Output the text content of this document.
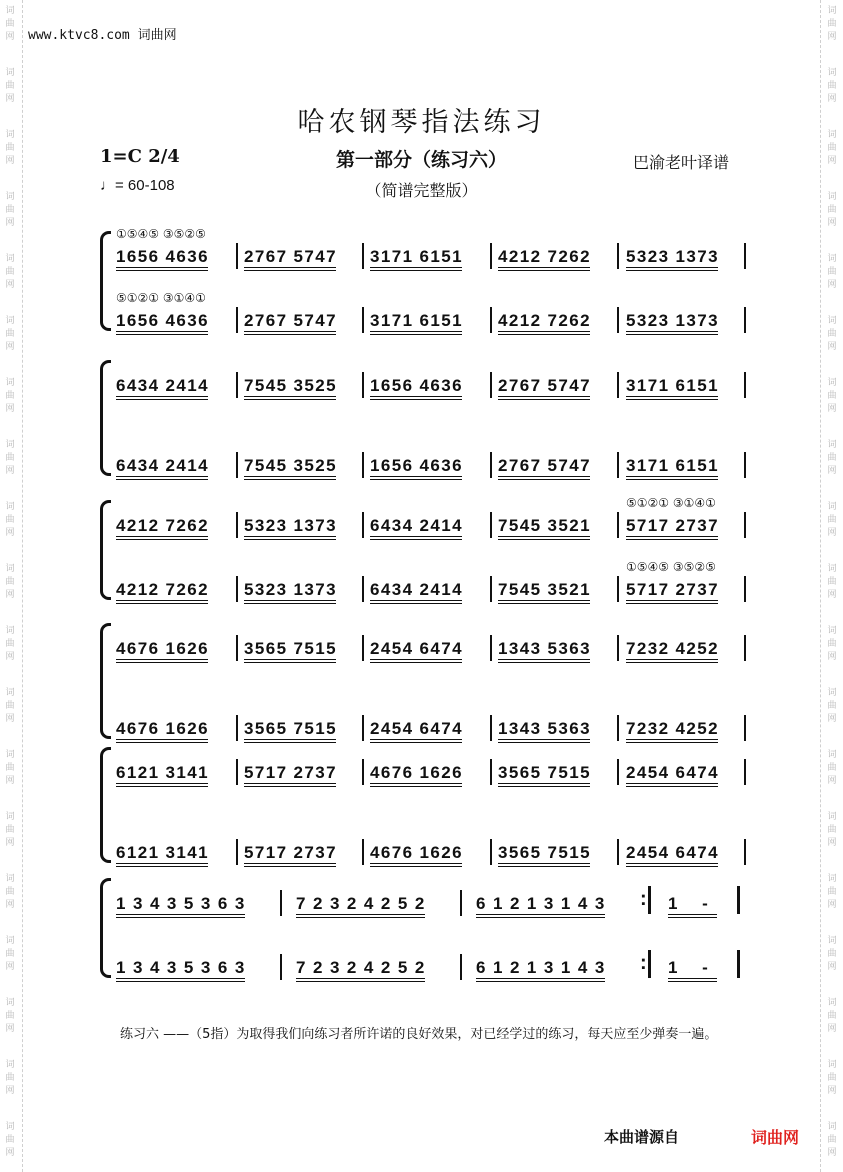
词
曲
网
词
曲
网
词
曲
网
词
曲
网
词
曲
网
词
曲
网
词
曲
网
词
曲
网
词
曲
网
词
曲
网
词
曲
网
词
曲
网
词
曲
网
词
曲
网
词
曲
网
词
曲
网
词
曲
网
词
曲
网
词
曲
网
词
曲
网
词
曲
网
词
曲
网
词
曲
网
词
曲
网
词
曲
网
词
曲
网
词
曲
网
词
曲
网
词
曲
网
词
曲
网
词
曲
网
词
曲
网
词
曲
网
词
曲
网
词
曲
网
词
曲
网
词
曲
网
词
曲
网
www.ktvc8.com 词曲网
哈农钢琴指法练习
1=C 2/4	第一部分（练习六）	巴渝老叶译谱
♩= 60-108	（简谱完整版）
1656 4636 2767 5747 3171 6151 4212 7262 5323 1373
①⑤④⑤ ③⑤②⑤
1656 4636 2767 5747 3171 6151 4212 7262 5323 1373
⑤①②① ③①④①
6434 2414 7545 3525 1656 4636 2767 5747 3171 6151
6434 2414 7545 3525 1656 4636 2767 5747 3171 6151
4212 7262 5323 1373 6434 2414 7545 3521 5717 2737
⑤①②① ③①④①
4212 7262 5323 1373 6434 2414 7545 3521 5717 2737
①⑤④⑤ ③⑤②⑤
4676 1626 3565 7515 2454 6474 1343 5363 7232 4252
4676 1626 3565 7515 2454 6474 1343 5363 7232 4252
6121 3141 5717 2737 4676 1626 3565 7515 2454 6474
6121 3141 5717 2737 4676 1626 3565 7515 2454 6474
1 3 4 3 5 3 6 3	7 2 3 2 4 2 5 2	6 1 2 1 3 1 4 3 : 1 -
1 3 4 3 5 3 6 3	7 2 3 2 4 2 5 2	6 1 2 1 3 1 4 3 : 1 -
练习六 ——（5指）为取得我们向练习者所许诺的良好效果，对已经学过的练习，每天应至少弹奏一遍。
本曲谱源自	词曲网
